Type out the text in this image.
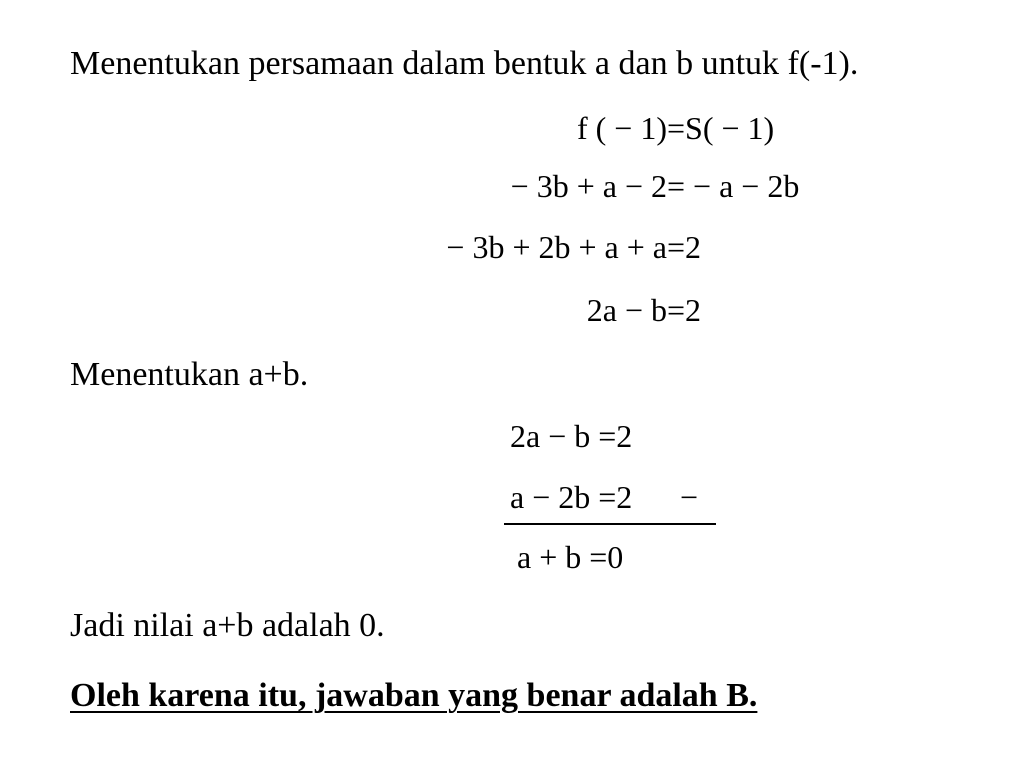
Menentukan persamaan dalam bentuk a dan b untuk f(-1).
f ( − 1) =S( − 1)
− 3b + a − 2 = − a − 2b
− 3b + 2b + a + a =2
2a − b =2
Menentukan a+b.
2a − b =2
a − 2b =2 −
a + b =0
Jadi nilai a+b adalah 0.
Oleh karena itu, jawaban yang benar adalah B.
